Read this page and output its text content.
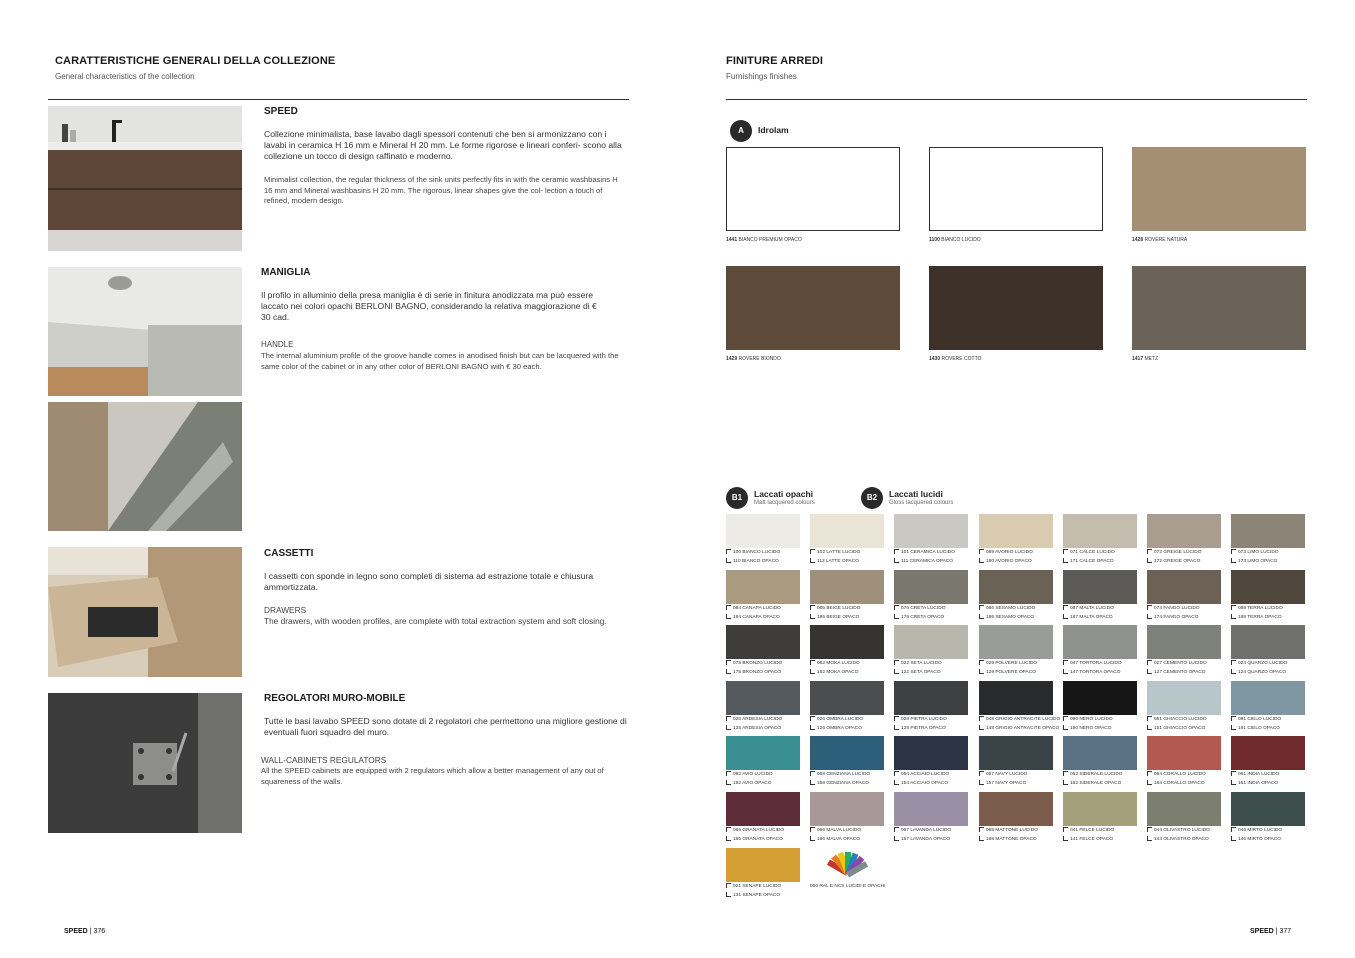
CARATTERISTICHE GENERALI DELLA COLLEZIONE
General characteristics of the collection
SPEED
Collezione minimalista, base lavabo dagli spessori contenuti che ben si armonizzano con i lavabi in ceramica H 16 mm e Mineral H 20 mm. Le forme rigorose e lineari conferi- scono alla collezione un tocco di design raffinato e moderno.
Minimalist collection, the regular thickness of the sink units perfectly fits in with the ceramic washbasins H 16 mm and Mineral washbasins H 20 mm. The rigorous, linear shapes give the col- lection a touch of refined, modern design.
MANIGLIA
Il profilo in alluminio della presa maniglia è di serie in finitura anodizzata ma può essere laccato nei colori opachi BERLONI BAGNO, considerando la relativa maggiorazione di € 30 cad.
HANDLE
The internal aluminium profile of the groove handle comes in anodised finish but can be lacquered with the same color of the cabinet or in any other color of BERLONI BAGNO with € 30 each.
CASSETTI
I cassetti con sponde in legno sono completi di sistema ad estrazione totale e chiusura ammortizzata.
DRAWERS
The drawers, with wooden profiles, are complete with total extraction system and soft closing.
REGOLATORI MURO-MOBILE
Tutte le basi lavabo SPEED sono dotate di 2 regolatori che permettono una migliore gestione di eventuali fuori squadro del muro.
WALL-CABINETS REGULATORS
All the SPEED cabinets are equipped with 2 regulators which allow a better management of any out of squareness of the walls.
SPEED | 376
FINITURE ARREDI
Furnishings finishes
A	Idrolam
1441 BIANCO PREMIUM OPACO	1100 BIANCO LUCIDO	1428 ROVERE NATURA
1429 ROVERE BIONDO	1430 ROVERE COTTO	1417 METZ
B1	Laccati opachi
Matt lacquered colours
B2	Laccati lucidi
Gloss lacquered colours
100 BIANCO LUCIDO
110 BIANCO OPACO
102 LATTE LUCIDO
112 LATTE OPACO
101 CERAMICA LUCIDO
111 CERAMICA OPACO
089 AVORIO LUCIDO
180 AVORIO OPACO
071 CALCE LUCIDO
171 CALCE OPACO
072 GREIGE LUCIDO
172 GREIGE OPACO
073 LIMO LUCIDO
173 LIMO OPACO
084 CANAPA LUCIDO
184 CANAPA OPACO
085 BEIGE LUCIDO
185 BEIGE OPACO
076 CRETA LUCIDO
176 CRETA OPACO
086 SESAMO LUCIDO
186 SESAMO OPACO
087 MALTA LUCIDO
187 MALTA OPACO
074 FANGO LUCIDO
174 FANGO OPACO
088 TERRA LUCIDO
188 TERRA OPACO
075 BRONZO LUCIDO
175 BRONZO OPACO
082 MOKA LUCIDO
182 MOKA OPACO
022 SETA LUCIDO
122 SETA OPACO
029 POLVERE LUCIDO
129 POLVERE OPACO
047 TORTORA LUCIDO
147 TORTORA OPACO
027 CEMENTO LUCIDO
127 CEMENTO OPACO
024 QUARZO LUCIDO
124 QUARZO OPACO
025 ARDESIA LUCIDO
125 ARDESIA OPACO
026 OMBRA LUCIDO
126 OMBRA OPACO
028 PIETRA LUCIDO
128 PIETRA OPACO
048 GRIGIO ANTRACITE LUCIDO
148 GRIGIO ANTRACITE OPACO
090 NERO LUCIDO
190 NERO OPACO
051 GHIACCIO LUCIDO
151 GHIACCIO OPACO
091 CIELO LUCIDO
191 CIELO OPACO
092 AVIO LUCIDO
192 AVIO OPACO
058 GENZIANA LUCIDO
158 GENZIANA OPACO
054 ACCIAIO LUCIDO
154 ACCIAIO OPACO
057 NAVY LUCIDO
157 NAVY OPACO
052 SIDERALE LUCIDO
152 SIDERALE OPACO
064 CORALLO LUCIDO
164 CORALLO OPACO
061 INDIA LUCIDO
161 INDIA OPACO
065 GRANATA LUCIDO
165 GRANATA OPACO
066 MALVA LUCIDO
166 MALVA OPACO
067 LAVANDA LUCIDO
167 LAVANDA OPACO
068 MATTONE LUCIDO
168 MATTONE OPACO
041 FELCE LUCIDO
141 FELCE OPACO
044 OLIVASTRO LUCIDO
144 OLIVASTRO OPACO
046 MIRTO LUCIDO
146 MIRTO OPACO
021 SENAPE LUCIDO
131 SENAPE OPACO
000 RAL E NCS LUCIDI E OPACHI
SPEED | 377
